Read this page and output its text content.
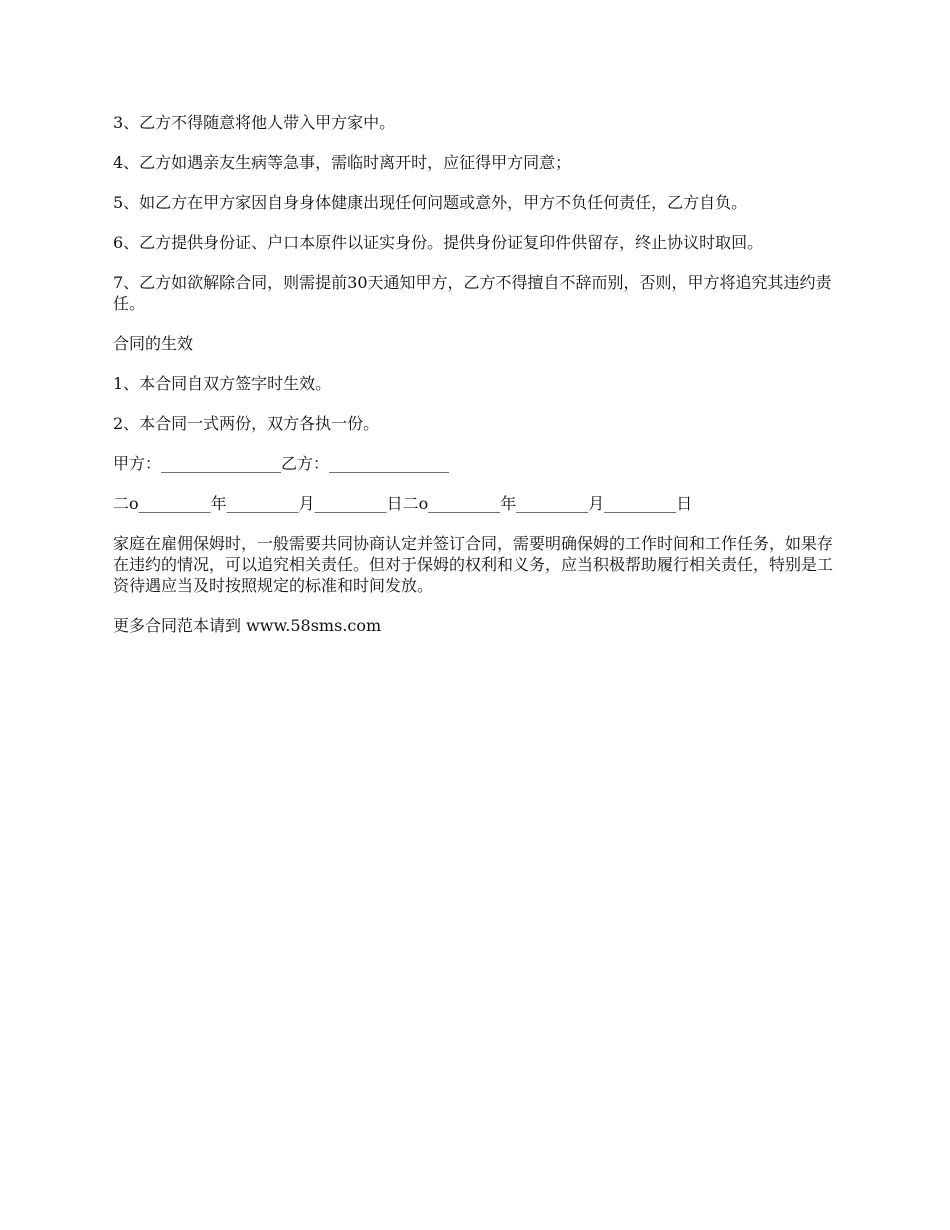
3、乙方不得随意将他人带入甲方家中。

4、乙方如遇亲友生病等急事，需临时离开时，应征得甲方同意；

5、如乙方在甲方家因自身身体健康出现任何问题或意外，甲方不负任何责任，乙方自负。

6、乙方提供身份证、户口本原件以证实身份。提供身份证复印件供留存，终止协议时取回。

7、乙方如欲解除合同，则需提前30天通知甲方，乙方不得擅自不辞而别，否则，甲方将追究其违约责任。

合同的生效

1、本合同自双方签字时生效。

2、本合同一式两份，双方各执一份。

甲方：_______________乙方：_______________

二o_________年_________月_________日二o_________年_________月_________日

家庭在雇佣保姆时，一般需要共同协商认定并签订合同，需要明确保姆的工作时间和工作任务，如果存在违约的情况，可以追究相关责任。但对于保姆的权利和义务，应当积极帮助履行相关责任，特别是工资待遇应当及时按照规定的标准和时间发放。

更多合同范本请到 www.58sms.com
